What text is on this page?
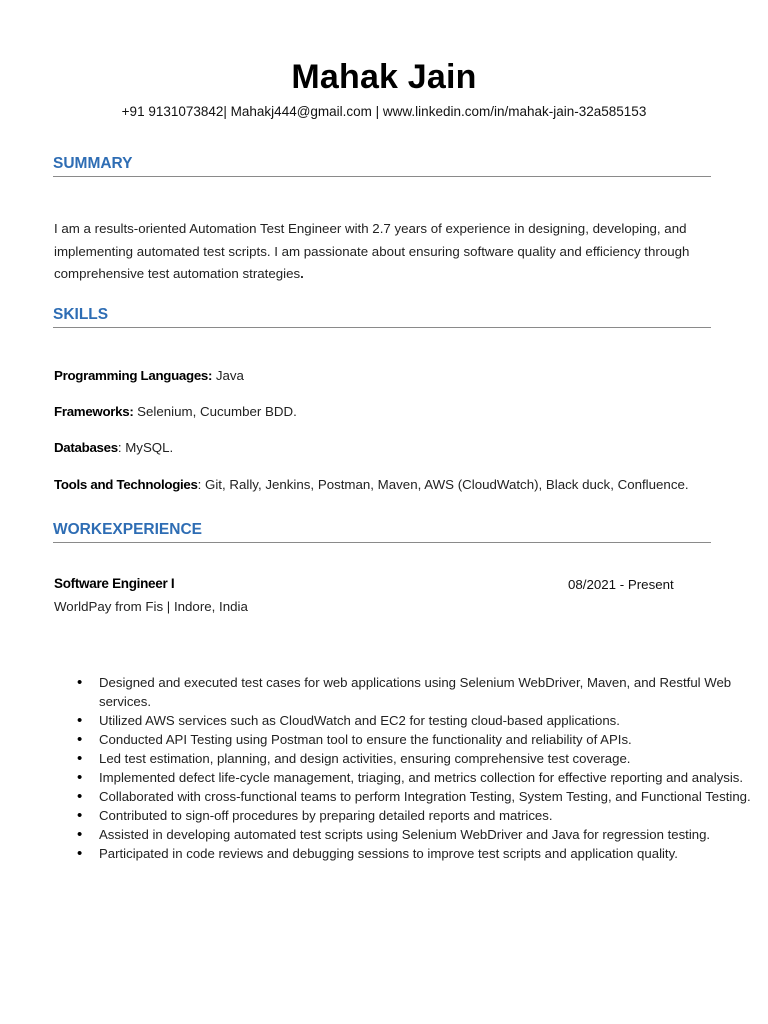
Mahak Jain
+91 9131073842| Mahakj444@gmail.com | www.linkedin.com/in/mahak-jain-32a585153
SUMMARY
I am a results-oriented Automation Test Engineer with 2.7 years of experience in designing, developing, and implementing automated test scripts. I am passionate about ensuring software quality and efficiency through comprehensive test automation strategies.
SKILLS
Programming Languages: Java
Frameworks: Selenium, Cucumber BDD.
Databases: MySQL.
Tools and Technologies: Git, Rally, Jenkins, Postman, Maven, AWS (CloudWatch), Black duck, Confluence.
WORKEXPERIENCE
Software Engineer I	08/2021 - Present
WorldPay from Fis | Indore, India
• Designed and executed test cases for web applications using Selenium WebDriver, Maven, and Restful Web services.
• Utilized AWS services such as CloudWatch and EC2 for testing cloud-based applications.
• Conducted API Testing using Postman tool to ensure the functionality and reliability of APIs.
• Led test estimation, planning, and design activities, ensuring comprehensive test coverage.
• Implemented defect life-cycle management, triaging, and metrics collection for effective reporting and analysis.
• Collaborated with cross-functional teams to perform Integration Testing, System Testing, and Functional Testing.
• Contributed to sign-off procedures by preparing detailed reports and matrices.
• Assisted in developing automated test scripts using Selenium WebDriver and Java for regression testing.
• Participated in code reviews and debugging sessions to improve test scripts and application quality.
